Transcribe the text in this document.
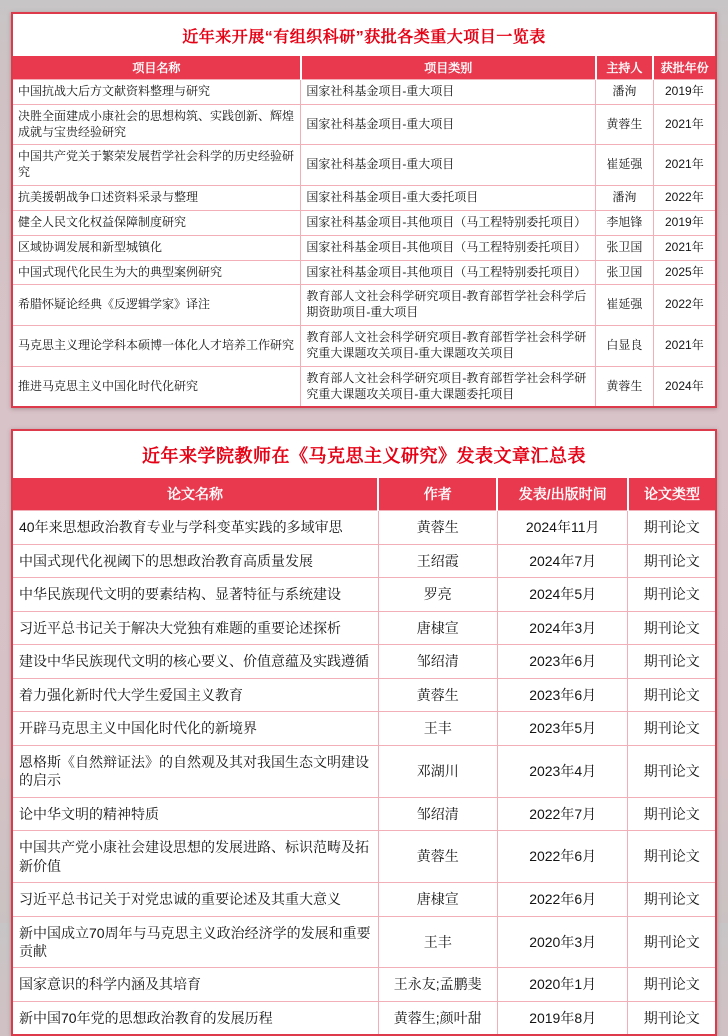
近年来开展“有组织科研”获批各类重大项目一览表
项目名称	项目类别	主持人	获批年份
中国抗战大后方文献资料整理与研究	国家社科基金项目-重大项目	潘洵	2019年
决胜全面建成小康社会的思想构筑、实践创新、辉煌成就与宝贵经验研究	国家社科基金项目-重大项目	黄蓉生	2021年
中国共产党关于繁荣发展哲学社会科学的历史经验研究	国家社科基金项目-重大项目	崔延强	2021年
抗美援朝战争口述资料采录与整理	国家社科基金项目-重大委托项目	潘洵	2022年
健全人民文化权益保障制度研究	国家社科基金项目-其他项目（马工程特别委托项目）	李旭锋	2019年
区域协调发展和新型城镇化	国家社科基金项目-其他项目（马工程特别委托项目）	张卫国	2021年
中国式现代化民生为大的典型案例研究	国家社科基金项目-其他项目（马工程特别委托项目）	张卫国	2025年
希腊怀疑论经典《反逻辑学家》译注	教育部人文社会科学研究项目-教育部哲学社会科学后期资助项目-重大项目	崔延强	2022年
马克思主义理论学科本硕博一体化人才培养工作研究	教育部人文社会科学研究项目-教育部哲学社会科学研究重大课题攻关项目-重大课题攻关项目	白显良	2021年
推进马克思主义中国化时代化研究	教育部人文社会科学研究项目-教育部哲学社会科学研究重大课题攻关项目-重大课题委托项目	黄蓉生	2024年
近年来学院教师在《马克思主义研究》发表文章汇总表
论文名称	作者	发表/出版时间	论文类型
40年来思想政治教育专业与学科变革实践的多域审思	黄蓉生	2024年11月	期刊论文
中国式现代化视阈下的思想政治教育高质量发展	王绍霞	2024年7月	期刊论文
中华民族现代文明的要素结构、显著特征与系统建设	罗亮	2024年5月	期刊论文
习近平总书记关于解决大党独有难题的重要论述探析	唐棣宣	2024年3月	期刊论文
建设中华民族现代文明的核心要义、价值意蕴及实践遵循	邹绍清	2023年6月	期刊论文
着力强化新时代大学生爱国主义教育	黄蓉生	2023年6月	期刊论文
开辟马克思主义中国化时代化的新境界	王丰	2023年5月	期刊论文
恩格斯《自然辩证法》的自然观及其对我国生态文明建设的启示	邓湖川	2023年4月	期刊论文
论中华文明的精神特质	邹绍清	2022年7月	期刊论文
中国共产党小康社会建设思想的发展进路、标识范畴及拓新价值	黄蓉生	2022年6月	期刊论文
习近平总书记关于对党忠诚的重要论述及其重大意义	唐棣宣	2022年6月	期刊论文
新中国成立70周年与马克思主义政治经济学的发展和重要贡献	王丰	2020年3月	期刊论文
国家意识的科学内涵及其培育	王永友;孟鹏斐	2020年1月	期刊论文
新中国70年党的思想政治教育的发展历程	黄蓉生;颜叶甜	2019年8月	期刊论文
